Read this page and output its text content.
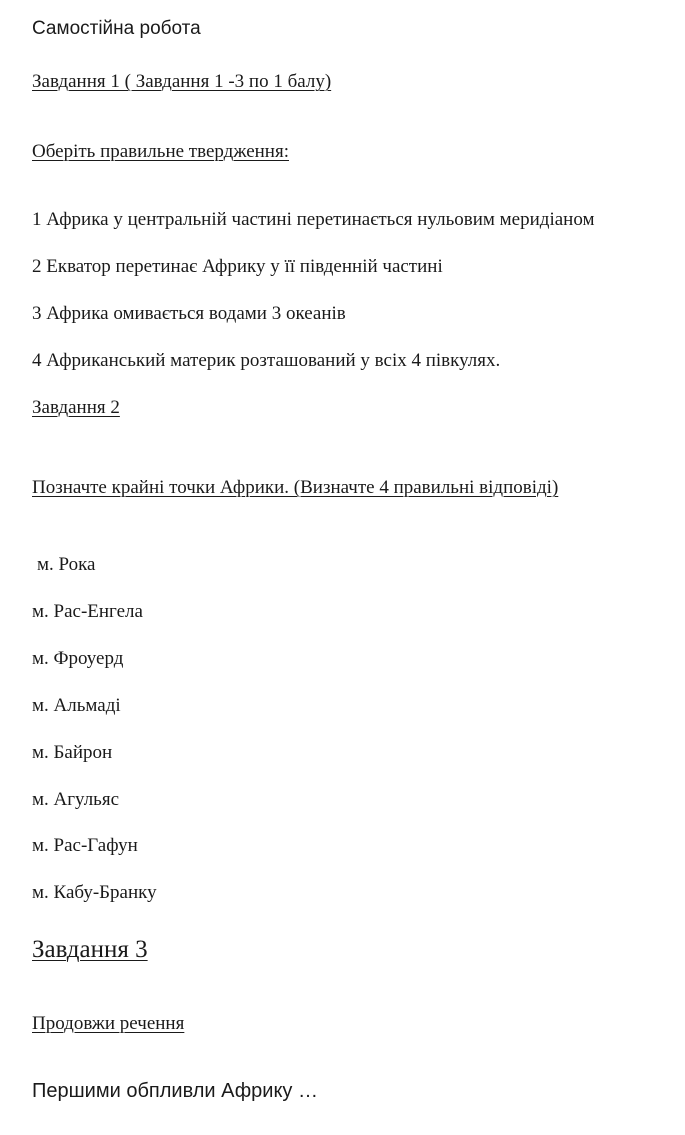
Самостійна робота
Завдання 1 ( Завдання 1 -3 по 1 балу)
Оберіть правильне твердження:
1 Африка у центральній частині перетинається нульовим меридіаном
2 Екватор перетинає Африку у її південній частині
3 Африка омивається водами 3 океанів
4 Африканський материк розташований у всіх 4 півкулях.
Завдання 2
Позначте крайні точки Африки. (Визначте 4 правильні відповіді)
м. Рока
м. Рас-Енгела
м. Фроуерд
м. Альмаді
м. Байрон
м. Агульяс
м. Рас-Гафун
м. Кабу-Бранку
Завдання 3
Продовжи речення
Першими обпливли Африку …
